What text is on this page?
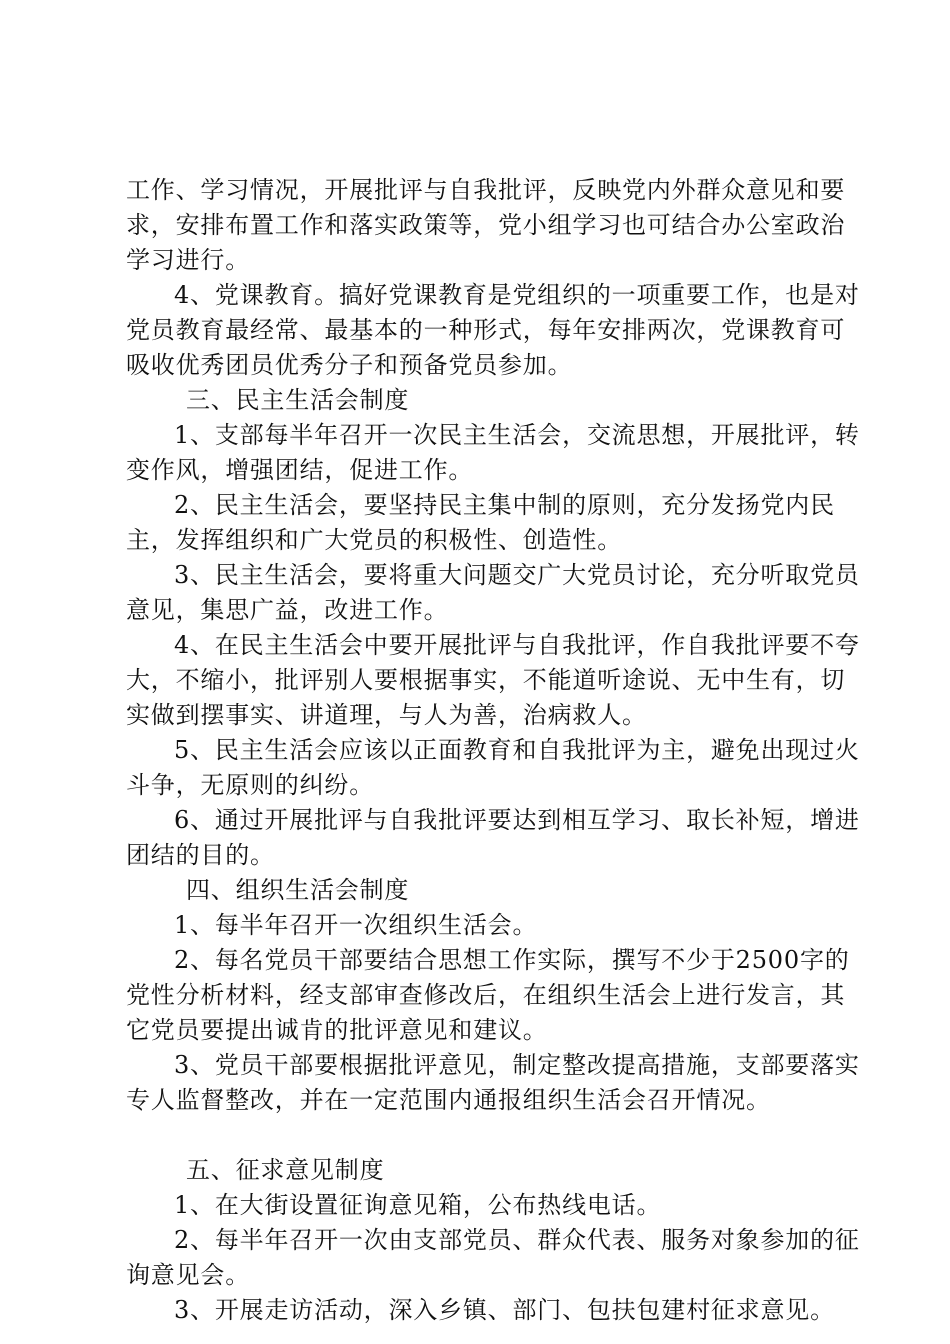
工作、学习情况，开展批评与自我批评，反映党内外群众意见和要求，安排布置工作和落实政策等，党小组学习也可结合办公室政治学习进行。

4、党课教育。搞好党课教育是党组织的一项重要工作，也是对党员教育最经常、最基本的一种形式，每年安排两次，党课教育可吸收优秀团员优秀分子和预备党员参加。

三、民主生活会制度

1、支部每半年召开一次民主生活会，交流思想，开展批评，转变作风，增强团结，促进工作。

2、民主生活会，要坚持民主集中制的原则，充分发扬党内民主，发挥组织和广大党员的积极性、创造性。

3、民主生活会，要将重大问题交广大党员讨论，充分听取党员意见，集思广益，改进工作。

4、在民主生活会中要开展批评与自我批评，作自我批评要不夸大，不缩小，批评别人要根据事实，不能道听途说、无中生有，切实做到摆事实、讲道理，与人为善，治病救人。

5、民主生活会应该以正面教育和自我批评为主，避免出现过火斗争，无原则的纠纷。

6、通过开展批评与自我批评要达到相互学习、取长补短，增进团结的目的。

四、组织生活会制度

1、每半年召开一次组织生活会。

2、每名党员干部要结合思想工作实际，撰写不少于2500字的党性分析材料，经支部审查修改后，在组织生活会上进行发言，其它党员要提出诚肯的批评意见和建议。

3、党员干部要根据批评意见，制定整改提高措施，支部要落实专人监督整改，并在一定范围内通报组织生活会召开情况。

五、征求意见制度

1、在大街设置征询意见箱，公布热线电话。

2、每半年召开一次由支部党员、群众代表、服务对象参加的征询意见会。

3、开展走访活动，深入乡镇、部门、包扶包建村征求意见。
